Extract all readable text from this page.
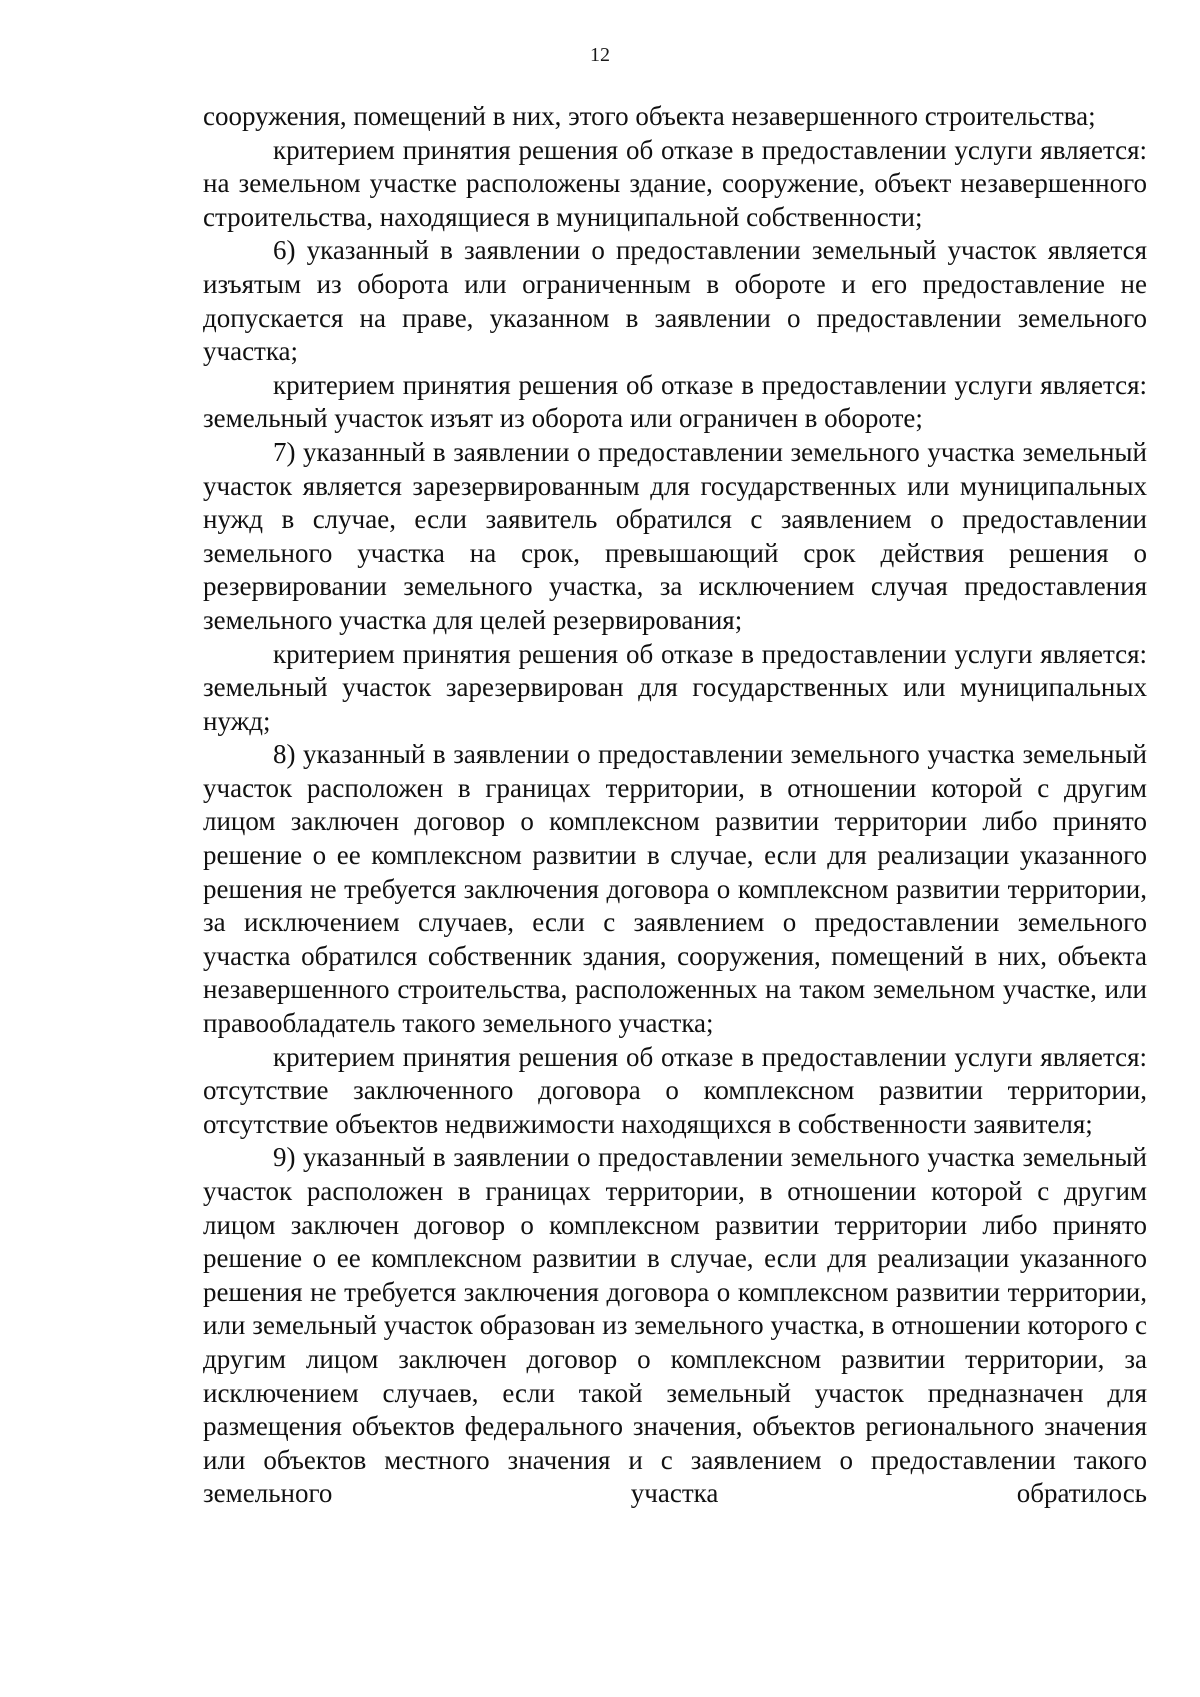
12

сооружения, помещений в них, этого объекта незавершенного строительства;

критерием принятия решения об отказе в предоставлении услуги является: на земельном участке расположены здание, сооружение, объект незавершенного строительства, находящиеся в муниципальной собственности;

6) указанный в заявлении о предоставлении земельный участок является изъятым из оборота или ограниченным в обороте и его предоставление не допускается на праве, указанном в заявлении о предоставлении земельного участка;

критерием принятия решения об отказе в предоставлении услуги является: земельный участок изъят из оборота или ограничен в обороте;

7) указанный в заявлении о предоставлении земельного участка земельный участок является зарезервированным для государственных или муниципальных нужд в случае, если заявитель обратился с заявлением о предоставлении земельного участка на срок, превышающий срок действия решения о резервировании земельного участка, за исключением случая предоставления земельного участка для целей резервирования;

критерием принятия решения об отказе в предоставлении услуги является: земельный участок зарезервирован для государственных или муниципальных нужд;

8) указанный в заявлении о предоставлении земельного участка земельный участок расположен в границах территории, в отношении которой с другим лицом заключен договор о комплексном развитии территории либо принято решение о ее комплексном развитии в случае, если для реализации указанного решения не требуется заключения договора о комплексном развитии территории, за исключением случаев, если с заявлением о предоставлении земельного участка обратился собственник здания, сооружения, помещений в них, объекта незавершенного строительства, расположенных на таком земельном участке, или правообладатель такого земельного участка;

критерием принятия решения об отказе в предоставлении услуги является: отсутствие заключенного договора о комплексном развитии территории, отсутствие объектов недвижимости находящихся в собственности заявителя;

9) указанный в заявлении о предоставлении земельного участка земельный участок расположен в границах территории, в отношении которой с другим лицом заключен договор о комплексном развитии территории либо принято решение о ее комплексном развитии в случае, если для реализации указанного решения не требуется заключения договора о комплексном развитии территории, или земельный участок образован из земельного участка, в отношении которого с другим лицом заключен договор о комплексном развитии территории, за исключением случаев, если такой земельный участок предназначен для размещения объектов федерального значения, объектов регионального значения или объектов местного значения и с заявлением о предоставлении такого земельного участка обратилось
